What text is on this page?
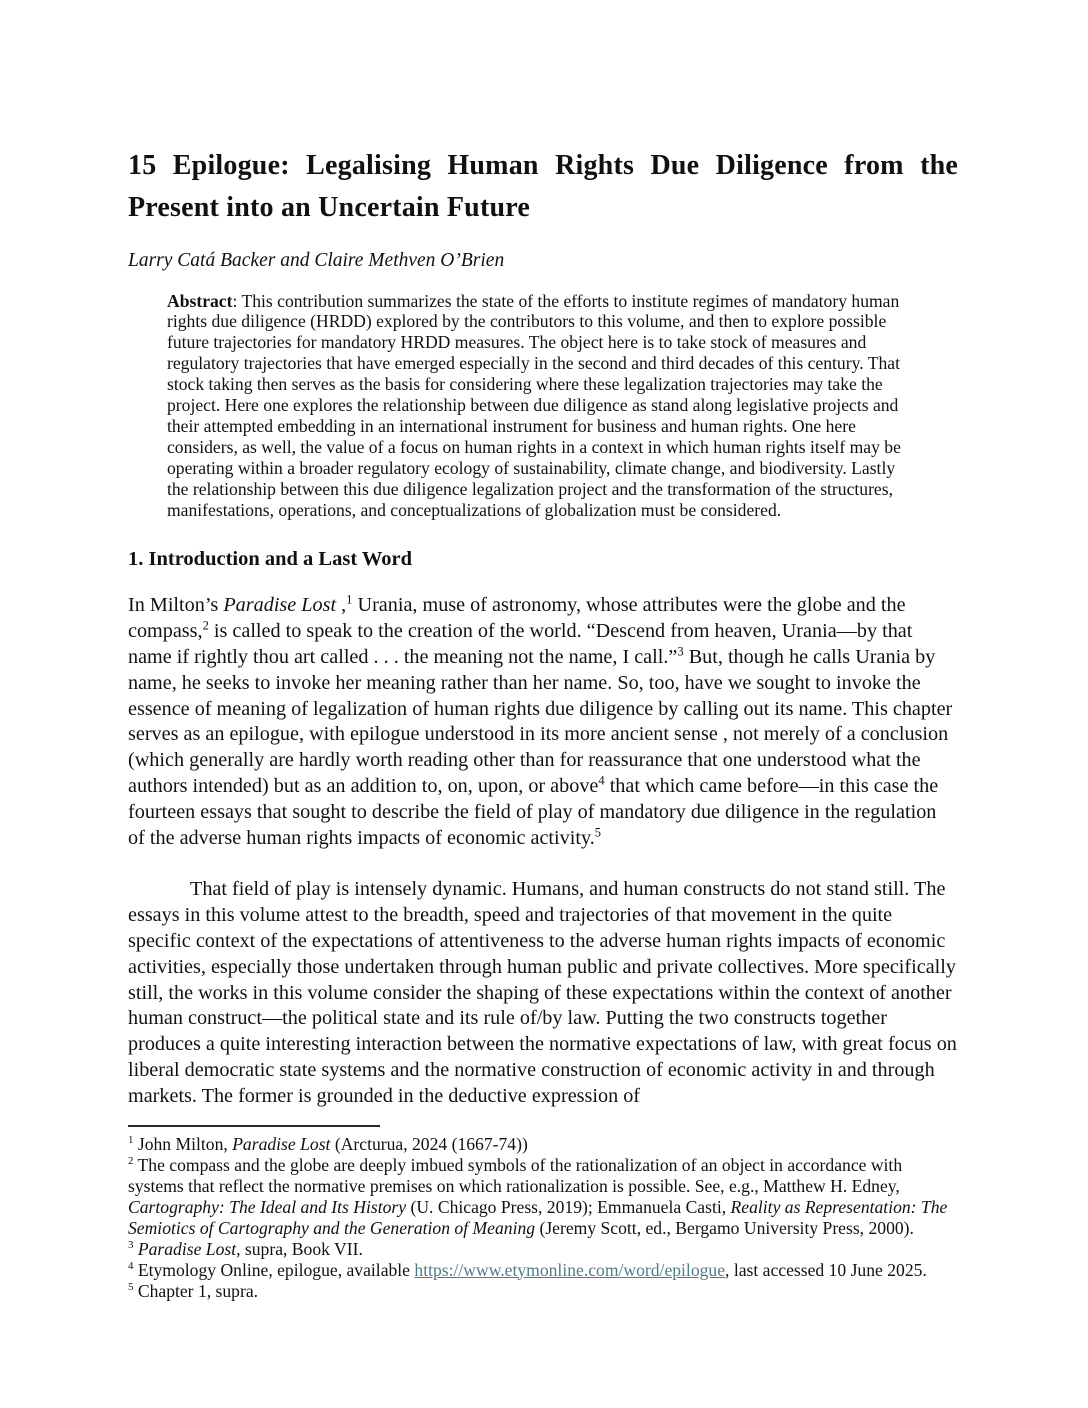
15 Epilogue: Legalising Human Rights Due Diligence from the Present into an Uncertain Future
Larry Catá Backer and Claire Methven O’Brien
Abstract: This contribution summarizes the state of the efforts to institute regimes of mandatory human rights due diligence (HRDD) explored by the contributors to this volume, and then to explore possible future trajectories for mandatory HRDD measures. The object here is to take stock of measures and regulatory trajectories that have emerged especially in the second and third decades of this century. That stock taking then serves as the basis for considering where these legalization trajectories may take the project. Here one explores the relationship between due diligence as stand along legislative projects and their attempted embedding in an international instrument for business and human rights. One here considers, as well, the value of a focus on human rights in a context in which human rights itself may be operating within a broader regulatory ecology of sustainability, climate change, and biodiversity. Lastly the relationship between this due diligence legalization project and the transformation of the structures, manifestations, operations, and conceptualizations of globalization must be considered.
1. Introduction and a Last Word
In Milton’s Paradise Lost ,$^1$ Urania, muse of astronomy, whose attributes were the globe and the compass,$^2$ is called to speak to the creation of the world. “Descend from heaven, Urania—by that name if rightly thou art called . . . the meaning not the name, I call.”$^3$ But, though he calls Urania by name, he seeks to invoke her meaning rather than her name. So, too, have we sought to invoke the essence of meaning of legalization of human rights due diligence by calling out its name. This chapter serves as an epilogue, with epilogue understood in its more ancient sense , not merely of a conclusion (which generally are hardly worth reading other than for reassurance that one understood what the authors intended) but as an addition to, on, upon, or above$^4$ that which came before—in this case the fourteen essays that sought to describe the field of play of mandatory due diligence in the regulation of the adverse human rights impacts of economic activity.$^5$
That field of play is intensely dynamic. Humans, and human constructs do not stand still. The essays in this volume attest to the breadth, speed and trajectories of that movement in the quite specific context of the expectations of attentiveness to the adverse human rights impacts of economic activities, especially those undertaken through human public and private collectives. More specifically still, the works in this volume consider the shaping of these expectations within the context of another human construct—the political state and its rule of/by law. Putting the two constructs together produces a quite interesting interaction between the normative expectations of law, with great focus on liberal democratic state systems and the normative construction of economic activity in and through markets. The former is grounded in the deductive expression of

$^1$ John Milton, Paradise Lost (Arcturua, 2024 (1667-74))

$^2$ The compass and the globe are deeply imbued symbols of the rationalization of an object in accordance with systems that reflect the normative premises on which rationalization is possible. See, e.g., Matthew H. Edney, Cartography: The Ideal and Its History (U. Chicago Press, 2019); Emmanuela Casti, Reality as Representation: The Semiotics of Cartography and the Generation of Meaning (Jeremy Scott, ed., Bergamo University Press, 2000).

$^3$ Paradise Lost, supra, Book VII.

$^4$ Etymology Online, epilogue, available https://www.etymonline.com/word/epilogue, last accessed 10 June 2025.

$^5$ Chapter 1, supra.
